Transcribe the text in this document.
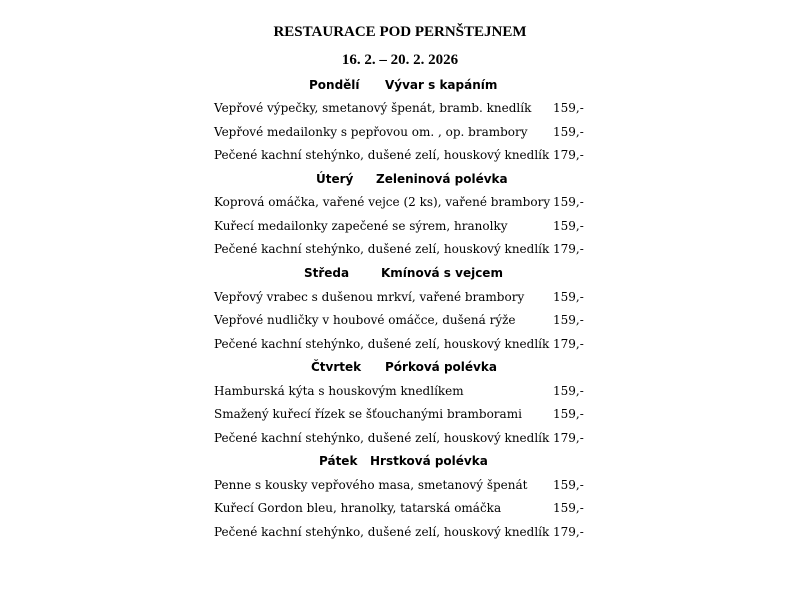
RESTAURACE POD PERNŠTEJNEM
16. 2. – 20. 2. 2026
Pondělí Vývar s kapáním
Vepřové výpečky, smetanový špenát, bramb. knedlík 159,-
Vepřové medailonky s pepřovou om. , op. brambory 159,-
Pečené kachní stehýnko, dušené zelí, houskový knedlík 179,-
Úterý Zeleninová polévka
Koprová omáčka, vařené vejce (2 ks), vařené brambory 159,-
Kuřecí medailonky zapečené se sýrem, hranolky	159,-
Pečené kachní stehýnko, dušené zelí, houskový knedlík 179,-
Středa	Kmínová s vejcem
Vepřový vrabec s dušenou mrkví, vařené brambory 159,-
Vepřové nudličky v houbové omáčce, dušená rýže	159,-
Pečené kachní stehýnko, dušené zelí, houskový knedlík 179,-
Čtvrtek Pórková polévka
Hamburská kýta s houskovým knedlíkem	159,-
Smažený kuřecí řízek se šťouchanými bramborami	159,-
Pečené kachní stehýnko, dušené zelí, houskový knedlík 179,-
Pátek Hrstková polévka
Penne s kousky vepřového masa, smetanový špenát 159,-
Kuřecí Gordon bleu, hranolky, tatarská omáčka	159,-
Pečené kachní stehýnko, dušené zelí, houskový knedlík 179,-
